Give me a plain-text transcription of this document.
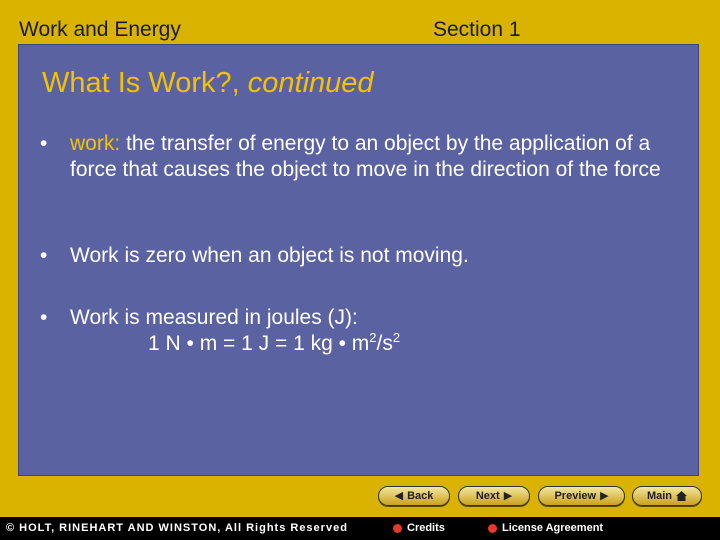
Work and Energy	Section 1
What Is Work?, continued
• work: the transfer of energy to an object by the application of a force that causes the object to move in the direction of the force
• Work is zero when an object is not moving.
• Work is measured in joules (J):
1 N • m = 1 J = 1 kg • $m^2/s^2$
◀ Back	Next ▶	Preview ▶	Main
© HOLT, RINEHART AND WINSTON, All Rights Reserved	Credits	License Agreement
